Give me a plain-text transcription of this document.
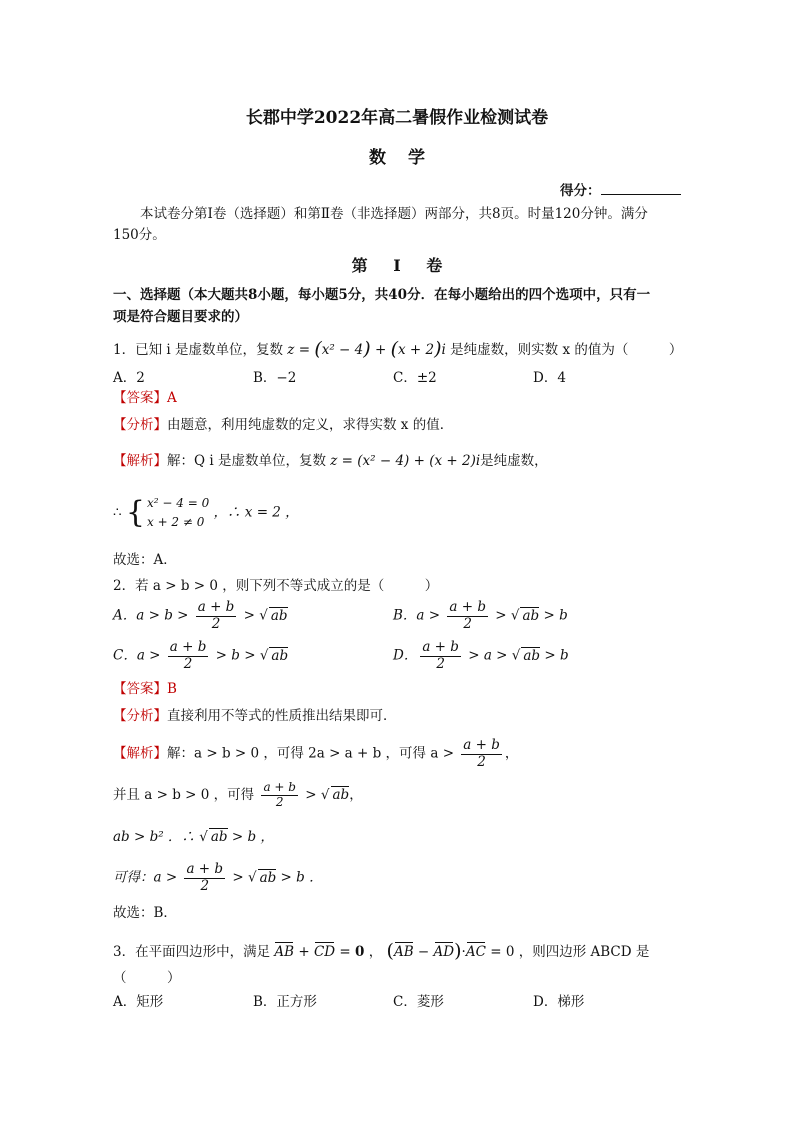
长郡中学2022年高二暑假作业检测试卷
数学
得分：
本试卷分第Ⅰ卷（选择题）和第Ⅱ卷（非选择题）两部分，共8页。时量120分钟。满分
150分。
第 Ⅰ 卷
一、选择题（本大题共8小题，每小题5分，共40分．在每小题给出的四个选项中，只有一
项是符合题目要求的）
1．已知 i 是虚数单位，复数 z = (x² − 4) + (x + 2)i 是纯虚数，则实数 x 的值为（　　　）
A．2	B．−2	C．±2	D．4
【答案】A
【分析】由题意，利用纯虚数的定义，求得实数 x 的值．
【解析】解：Q i 是虚数单位，复数 z = (x² − 4) + (x + 2)i是纯虚数，
∴ { x² − 4 = 0
x + 2 ≠ 0
，∴ x = 2 ，
故选：A．
2．若 a > b > 0 ，则下列不等式成立的是（　　　）
A．$a > b > \frac{a + b}{2}$ > √ ab	B．$a > \frac{a + b}{2}$ > √ ab > b
C．$a > \frac{a + b}{2} > b$ > √ ab	D． $\frac{a + b}{2} > a$ > √ ab > b
【答案】B
【分析】直接利用不等式的性质推出结果即可．
【解析】解：a > b > 0 ，可得 2a > a + b ，可得 $a > \frac{a + b}{2}$ ，
并且 a > b > 0 ，可得 $\frac{a + b}{2}$ > √ ab，
ab > b² ．∴ √ ab > b ，
可得：$a > \frac{a + b}{2}$ > √ ab > b ．
故选：B．
3．在平面四边形中，满足 AB + CD = 0 ， (AB − AD)·AC = 0 ，则四边形 ABCD 是
（　　　）
A．矩形	B．正方形	C．菱形	D．梯形
